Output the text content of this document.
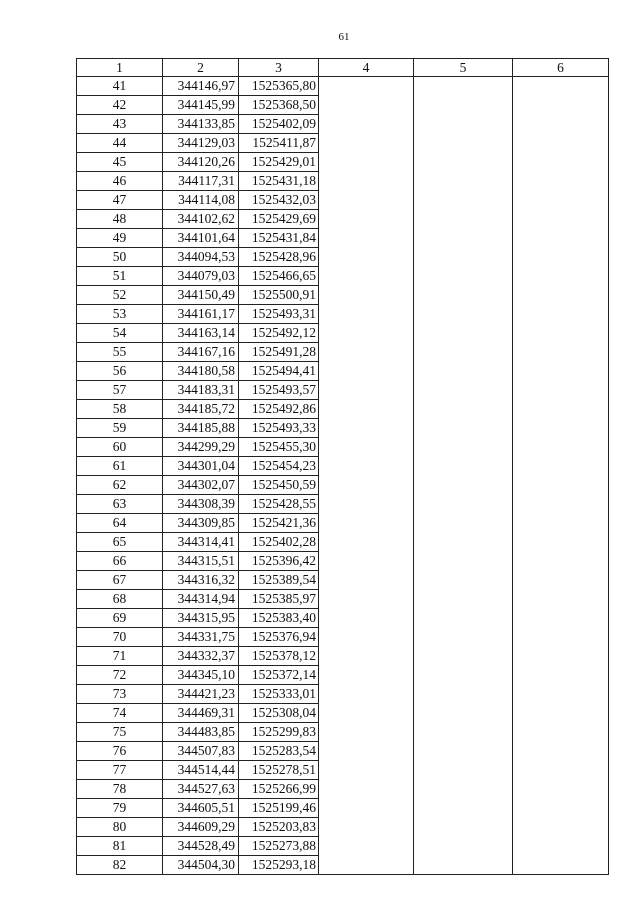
61
1	2	3	4	5	6
41	344146,97	1525365,80			
42	344145,99	1525368,50			
43	344133,85	1525402,09			
44	344129,03	1525411,87			
45	344120,26	1525429,01			
46	344117,31	1525431,18			
47	344114,08	1525432,03			
48	344102,62	1525429,69			
49	344101,64	1525431,84			
50	344094,53	1525428,96			
51	344079,03	1525466,65			
52	344150,49	1525500,91			
53	344161,17	1525493,31			
54	344163,14	1525492,12			
55	344167,16	1525491,28			
56	344180,58	1525494,41			
57	344183,31	1525493,57			
58	344185,72	1525492,86			
59	344185,88	1525493,33			
60	344299,29	1525455,30			
61	344301,04	1525454,23			
62	344302,07	1525450,59			
63	344308,39	1525428,55			
64	344309,85	1525421,36			
65	344314,41	1525402,28			
66	344315,51	1525396,42			
67	344316,32	1525389,54			
68	344314,94	1525385,97			
69	344315,95	1525383,40			
70	344331,75	1525376,94			
71	344332,37	1525378,12			
72	344345,10	1525372,14			
73	344421,23	1525333,01			
74	344469,31	1525308,04			
75	344483,85	1525299,83			
76	344507,83	1525283,54			
77	344514,44	1525278,51			
78	344527,63	1525266,99			
79	344605,51	1525199,46			
80	344609,29	1525203,83			
81	344528,49	1525273,88			
82	344504,30	1525293,18			
